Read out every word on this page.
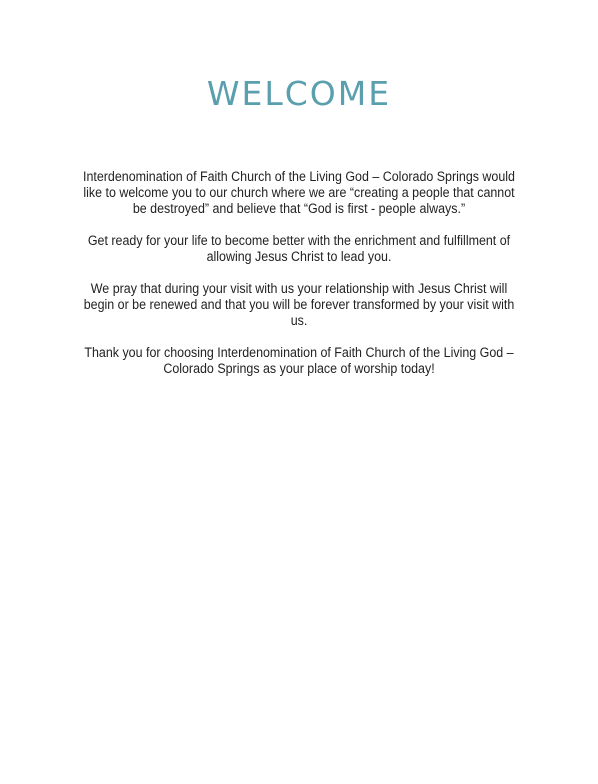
WELCOME

Interdenomination of Faith Church of the Living God – Colorado Springs would like to welcome you to our church where we are “creating a people that cannot be destroyed” and believe that “God is first - people always.”

Get ready for your life to become better with the enrichment and fulfillment of allowing Jesus Christ to lead you.

We pray that during your visit with us your relationship with Jesus Christ will begin or be renewed and that you will be forever transformed by your visit with us.

Thank you for choosing Interdenomination of Faith Church of the Living God – Colorado Springs as your place of worship today!
